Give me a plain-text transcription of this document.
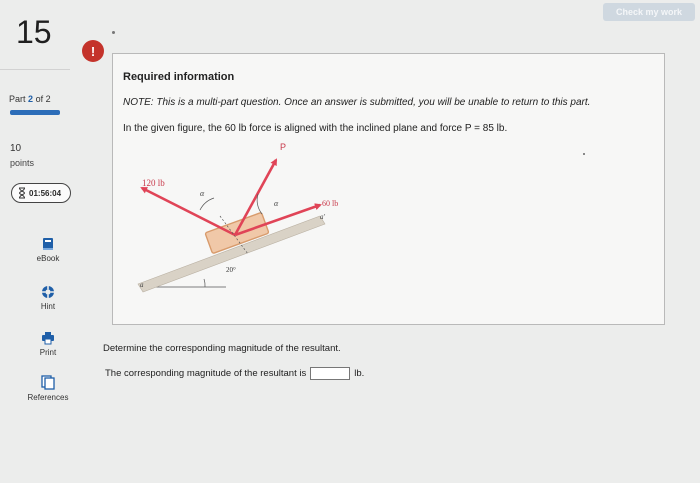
Check my work
15
Part 2 of 2
10
points
01:56:04
eBook
Hint
Print
References
!
Required information
NOTE: This is a multi-part question. Once an answer is submitted, you will be unable to return to this part.
In the given figure, the 60 lb force is aligned with the inclined plane and force P = 85 lb.
120 lb
P
60 lb
α
α
20°
a
a'
Determine the corresponding magnitude of the resultant.
The corresponding magnitude of the resultant is	lb.
